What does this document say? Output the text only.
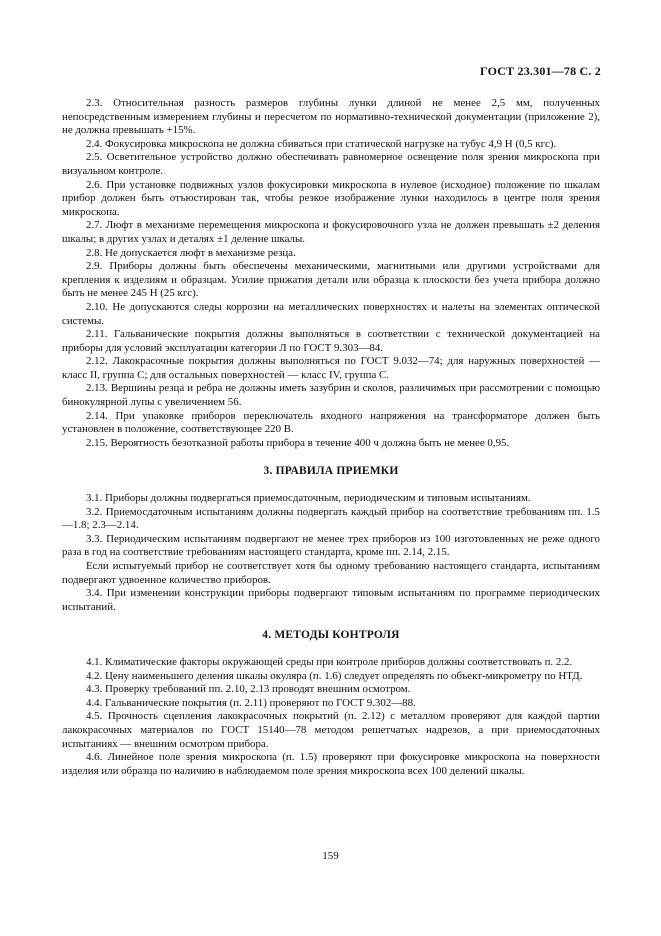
ГОСТ 23.301—78 С. 2

2.3. Относительная разность размеров глубины лунки длиной не менее 2,5 мм, полученных непосредственным измерением глубины и пересчетом по нормативно-технической документации (приложение 2), не должна превышать +15%.

2.4. Фокусировка микроскопа не должна сбиваться при статической нагрузке на тубус 4,9 Н (0,5 кгс).

2.5. Осветительное устройство должно обеспечивать равномерное освещение поля зрения микроскопа при визуальном контроле.

2.6. При установке подвижных узлов фокусировки микроскопа в нулевое (исходное) положение по шкалам прибор должен быть отъюстирован так, чтобы резкое изображение лунки находилось в центре поля зрения микроскопа.

2.7. Люфт в механизме перемещения микроскопа и фокусировочного узла не должен превышать ±2 деления шкалы; в других узлах и деталях ±1 деление шкалы.

2.8. Не допускается люфт в механизме резца.

2.9. Приборы должны быть обеспечены механическими, магнитными или другими устройствами для крепления к изделиям и образцам. Усилие прижатия детали или образца к плоскости без учета прибора должно быть не менее 245 Н (25 кгс).

2.10. Не допускаются следы коррозии на металлических поверхностях и налеты на элементах оптической системы.

2.11. Гальванические покрытия должны выполняться в соответствии с технической документацией на приборы для условий эксплуатации категории Л по ГОСТ 9.303—84.

2.12. Лакокрасочные покрытия должны выполняться по ГОСТ 9.032—74; для наружных поверхностей — класс II, группа С; для остальных поверхностей — класс IV, группа С.

2.13. Вершины резца и ребра не должны иметь зазубрин и сколов, различимых при рассмотрении с помощью бинокулярной лупы с увеличением 56.

2.14. При упаковке приборов переключатель входного напряжения на трансформаторе должен быть установлен в положение, соответствующее 220 В.

2.15. Вероятность безотказной работы прибора в течение 400 ч должна быть не менее 0,95.

3. ПРАВИЛА ПРИЕМКИ

3.1. Приборы должны подвергаться приемосдаточным, периодическим и типовым испытаниям.

3.2. Приемосдаточным испытаниям должны подвергать каждый прибор на соответствие требованиям пп. 1.5—1.8; 2.3—2.14.

3.3. Периодическим испытаниям подвергают не менее трех приборов из 100 изготовленных не реже одного раза в год на соответствие требованиям настоящего стандарта, кроме пп. 2.14, 2.15.

Если испытуемый прибор не соответствует хотя бы одному требованию настоящего стандарта, испытаниям подвергают удвоенное количество приборов.

3.4. При изменении конструкции приборы подвергают типовым испытаниям по программе периодических испытаний.

4. МЕТОДЫ КОНТРОЛЯ

4.1. Климатические факторы окружающей среды при контроле приборов должны соответствовать п. 2.2.

4.2. Цену наименьшего деления шкалы окуляра (п. 1.6) следует определять по объект-микрометру по НТД.

4.3. Проверку требований пп. 2.10, 2.13 проводят внешним осмотром.

4.4. Гальванические покрытия (п. 2.11) проверяют по ГОСТ 9.302—88.

4.5. Прочность сцепления лакокрасочных покрытий (п. 2.12) с металлом проверяют для каждой партии лакокрасочных материалов по ГОСТ 15140—78 методом решетчатых надрезов, а при приемосдаточных испытаниях — внешним осмотром прибора.

4.6. Линейное поле зрения микроскопа (п. 1.5) проверяют при фокусировке микроскопа на поверхности изделия или образца по наличию в наблюдаемом поле зрения микроскопа всех 100 делений шкалы.

159
